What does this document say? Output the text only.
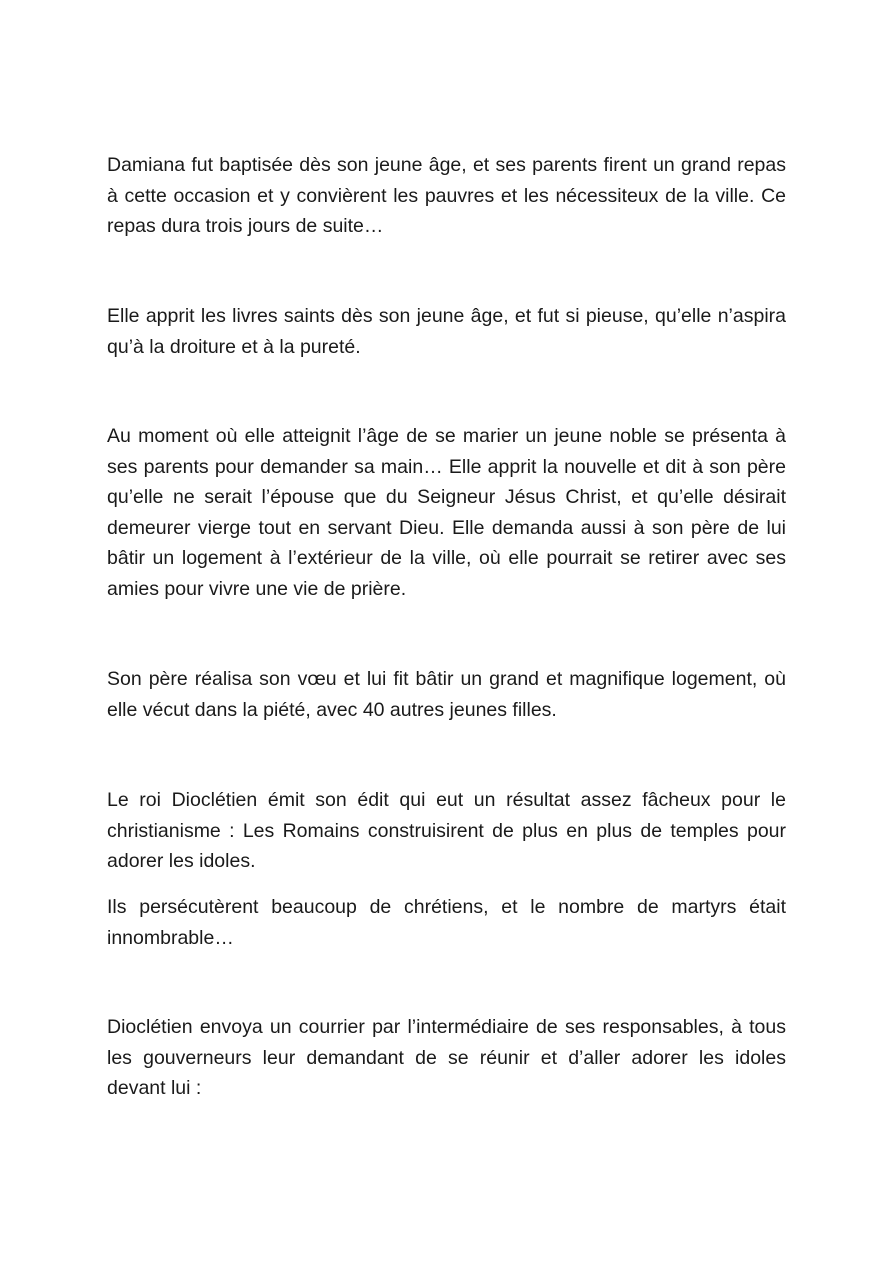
Damiana fut baptisée dès son jeune âge, et ses parents firent un grand repas à cette occasion et y convièrent les pauvres et les nécessiteux de la ville. Ce repas dura trois jours de suite…

Elle apprit les livres saints dès son jeune âge, et fut si pieuse, qu’elle n’aspira qu’à la droiture et à la pureté.

Au moment où elle atteignit l’âge de se marier un jeune noble se présenta à ses parents pour demander sa main… Elle apprit la nouvelle et dit à son père qu’elle ne serait l’épouse que du Seigneur Jésus Christ, et qu’elle désirait demeurer vierge tout en servant Dieu. Elle demanda aussi à son père de lui bâtir un logement à l’extérieur de la ville, où elle pourrait se retirer avec ses amies pour vivre une vie de prière.

Son père réalisa son vœu et lui fit bâtir un grand et magnifique logement, où elle vécut dans la piété, avec 40 autres jeunes filles.

Le roi Dioclétien émit son édit qui eut un résultat assez fâcheux pour le christianisme : Les Romains construisirent de plus en plus de temples pour adorer les idoles.

Ils persécutèrent beaucoup de chrétiens, et le nombre de martyrs était innombrable…

Dioclétien envoya un courrier par l’intermédiaire de ses responsables, à tous les gouverneurs leur demandant de se réunir et d’aller adorer les idoles devant lui :
